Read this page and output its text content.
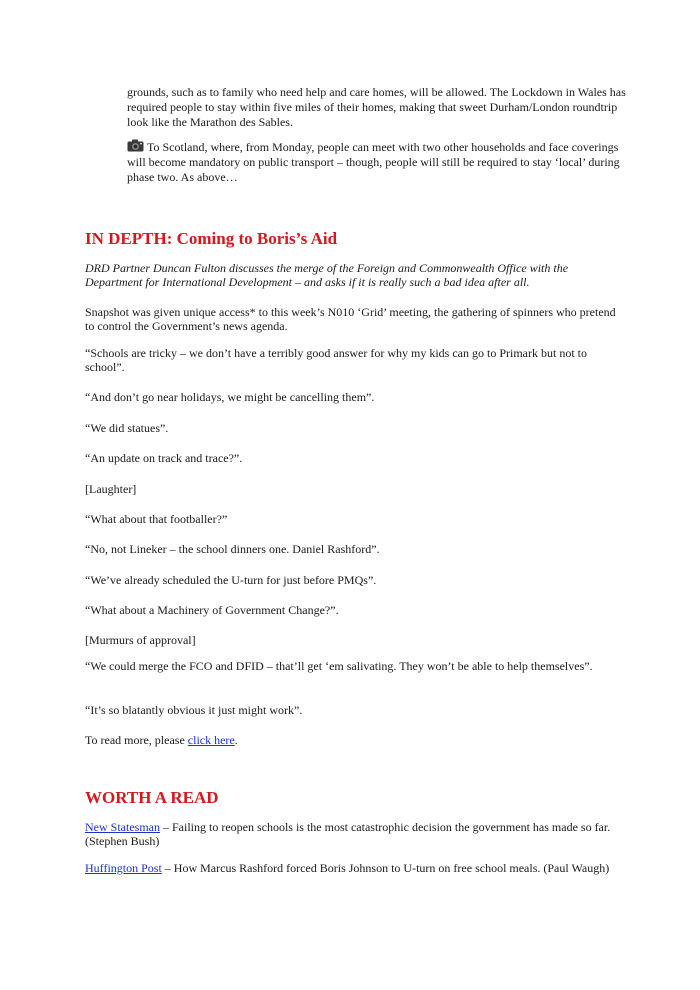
grounds, such as to family who need help and care homes, will be allowed. The Lockdown in Wales has required people to stay within five miles of their homes, making that sweet Durham/London roundtrip look like the Marathon des Sables.

To Scotland, where, from Monday, people can meet with two other households and face coverings will become mandatory on public transport – though, people will still be required to stay ‘local’ during phase two. As above…

IN DEPTH: Coming to Boris’s Aid

DRD Partner Duncan Fulton discusses the merge of the Foreign and Commonwealth Office with the Department for International Development – and asks if it is really such a bad idea after all.

Snapshot was given unique access* to this week’s N010 ‘Grid’ meeting, the gathering of spinners who pretend to control the Government’s news agenda.

“Schools are tricky – we don’t have a terribly good answer for why my kids can go to Primark but not to school”.

“And don’t go near holidays, we might be cancelling them”.

“We did statues”.

“An update on track and trace?”.

[Laughter]

“What about that footballer?”

“No, not Lineker – the school dinners one. Daniel Rashford”.

“We’ve already scheduled the U-turn for just before PMQs”.

“What about a Machinery of Government Change?”.

[Murmurs of approval]

“We could merge the FCO and DFID – that’ll get ‘em salivating. They won’t be able to help themselves”.

“It’s so blatantly obvious it just might work”.

To read more, please click here.

WORTH A READ

New Statesman – Failing to reopen schools is the most catastrophic decision the government has made so far. (Stephen Bush)

Huffington Post – How Marcus Rashford forced Boris Johnson to U-turn on free school meals. (Paul Waugh)
